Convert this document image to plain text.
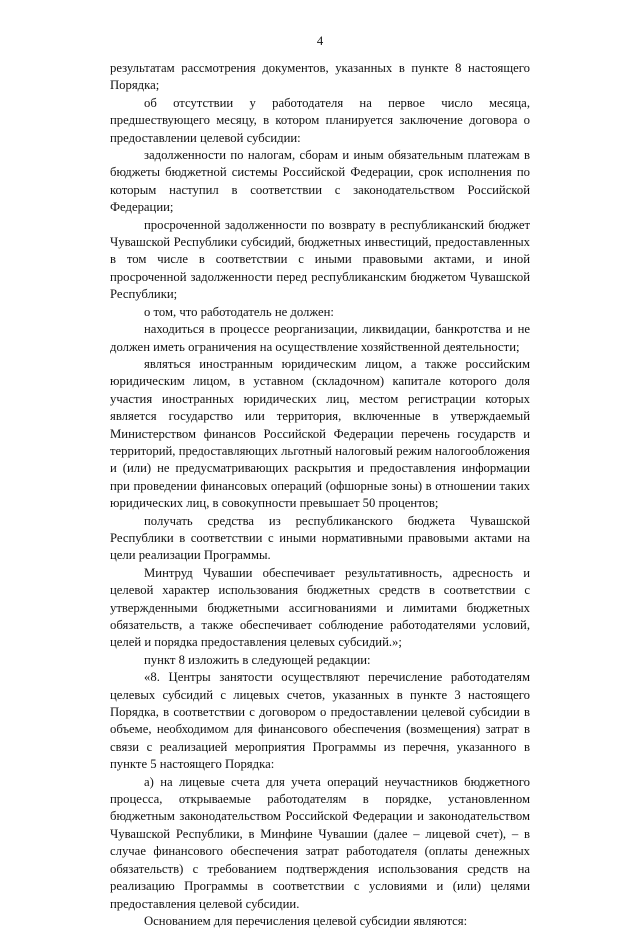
4

результатам рассмотрения документов, указанных в пункте 8 настоящего Порядка;

об отсутствии у работодателя на первое число месяца, предшествующего месяцу, в котором планируется заключение договора о предоставлении целевой субсидии:

задолженности по налогам, сборам и иным обязательным платежам в бюджеты бюджетной системы Российской Федерации, срок исполнения по которым наступил в соответствии с законодательством Российской Федерации;

просроченной задолженности по возврату в республиканский бюджет Чувашской Республики субсидий, бюджетных инвестиций, предоставленных в том числе в соответствии с иными правовыми актами, и иной просроченной задолженности перед республиканским бюджетом Чувашской Республики;

о том, что работодатель не должен:

находиться в процессе реорганизации, ликвидации, банкротства и не должен иметь ограничения на осуществление хозяйственной деятельности;

являться иностранным юридическим лицом, а также российским юридическим лицом, в уставном (складочном) капитале которого доля участия иностранных юридических лиц, местом регистрации которых является государство или территория, включенные в утверждаемый Министерством финансов Российской Федерации перечень государств и территорий, предоставляющих льготный налоговый режим налогообложения и (или) не предусматривающих раскрытия и предоставления информации при проведении финансовых операций (офшорные зоны) в отношении таких юридических лиц, в совокупности превышает 50 процентов;

получать средства из республиканского бюджета Чувашской Республики в соответствии с иными нормативными правовыми актами на цели реализации Программы.

Минтруд Чувашии обеспечивает результативность, адресность и целевой характер использования бюджетных средств в соответствии с утвержденными бюджетными ассигнованиями и лимитами бюджетных обязательств, а также обеспечивает соблюдение работодателями условий, целей и порядка предоставления целевых субсидий.»;

пункт 8 изложить в следующей редакции:

«8. Центры занятости осуществляют перечисление работодателям целевых субсидий с лицевых счетов, указанных в пункте 3 настоящего Порядка, в соответствии с договором о предоставлении целевой субсидии в объеме, необходимом для финансового обеспечения (возмещения) затрат в связи с реализацией мероприятия Программы из перечня, указанного в пункте 5 настоящего Порядка:

а) на лицевые счета для учета операций неучастников бюджетного процесса, открываемые работодателям в порядке, установленном бюджетным законодательством Российской Федерации и законодательством Чувашской Республики, в Минфине Чувашии (далее – лицевой счет), – в случае финансового обеспечения затрат работодателя (оплаты денежных обязательств) с требованием подтверждения использования средств на реализацию Программы в соответствии с условиями и (или) целями предоставления целевой субсидии.

Основанием для перечисления целевой субсидии являются:
